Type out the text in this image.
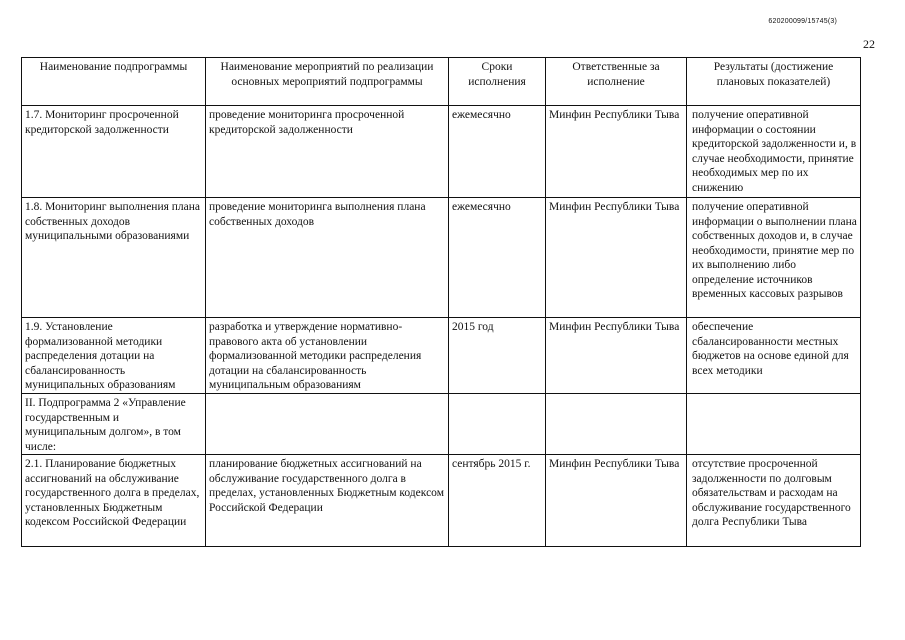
620200099/15745(3)
22
Наименование подпрограммы	Наименование мероприятий по реализации основных мероприятий подпрограммы	Сроки исполнения	Ответственные за исполнение	Результаты (достижение плановых показателей)
1.7. Мониторинг просроченной кредиторской задолженности	проведение мониторинга просроченной кредиторской задолженности	ежемесячно	Минфин Республики Тыва	получение оперативной информации о состоянии кредиторской задолженности и, в случае необходимости, принятие необходимых мер по их снижению
1.8. Мониторинг выполнения плана собственных доходов муниципальными образованиями	проведение мониторинга выполнения плана собственных доходов	ежемесячно	Минфин Республики Тыва	получение оперативной информации о выполнении плана собственных доходов и, в случае необходимости, принятие мер по их выполнению либо определение источников временных кассовых разрывов
1.9. Установление формализованной методики распределения дотации на сбалансированность муниципальных образованиям	разработка и утверждение нормативно-правового акта об установлении формализованной методики распределения дотации на сбалансированность муниципальным образованиям	2015 год	Минфин Республики Тыва	обеспечение сбалансированности местных бюджетов на основе единой для всех методики
II. Подпрограмма 2 «Управление государственным и муниципальным долгом», в том числе:				
2.1. Планирование бюджетных ассигнований на обслуживание государственного долга в пределах, установленных Бюджетным кодексом Российской Федерации	планирование бюджетных ассигнований на обслуживание государственного долга в пределах, установленных Бюджетным кодексом Российской Федерации	сентябрь 2015 г.	Минфин Республики Тыва	отсутствие просроченной задолженности по долговым обязательствам и расходам на обслуживание государственного долга Республики Тыва
